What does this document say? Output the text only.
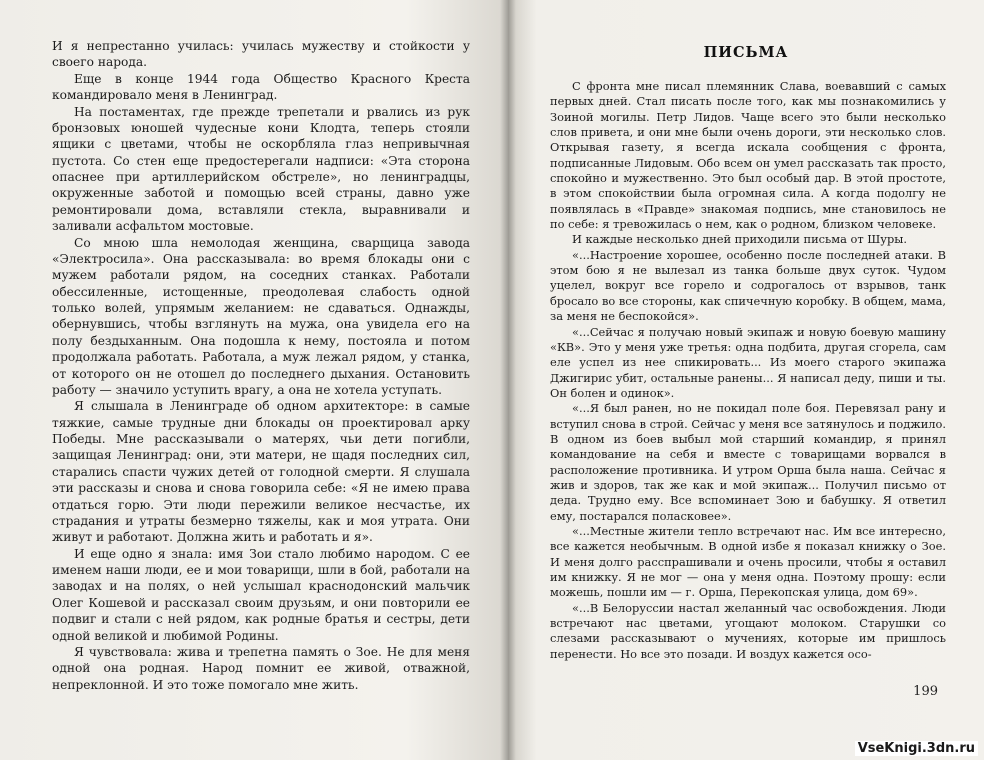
И я непрестанно училась: училась мужеству и стойкости у своего народа.

Еще в конце 1944 года Общество Красного Креста командировало меня в Ленинград.

На постаментах, где прежде трепетали и рвались из рук бронзовых юношей чудесные кони Клодта, теперь стояли ящики с цветами, чтобы не оскорбляла глаз непривычная пустота. Со стен еще предостерегали надписи: «Эта сторона опаснее при артиллерийском обстреле», но ленинградцы, окруженные заботой и помощью всей страны, давно уже ремонтировали дома, вставляли стекла, выравнивали и заливали асфальтом мостовые.

Со мною шла немолодая женщина, сварщица завода «Электросила». Она рассказывала: во время блокады они с мужем работали рядом, на соседних станках. Работали обессиленные, истощенные, преодолевая слабость одной только волей, упрямым желанием: не сдаваться. Однажды, обернувшись, чтобы взглянуть на мужа, она увидела его на полу бездыханным. Она подошла к нему, постояла и потом продолжала работать. Работала, а муж лежал рядом, у станка, от которого он не отошел до последнего дыхания. Остановить работу — значило уступить врагу, а она не хотела уступать.

Я слышала в Ленинграде об одном архитекторе: в самые тяжкие, самые трудные дни блокады он проектировал арку Победы. Мне рассказывали о матерях, чьи дети погибли, защищая Ленинград: они, эти матери, не щадя последних сил, старались спасти чужих детей от голодной смерти. Я слушала эти рассказы и снова и снова говорила себе: «Я не имею права отдаться горю. Эти люди пережили великое несчастье, их страдания и утраты безмерно тяжелы, как и моя утрата. Они живут и работают. Должна жить и работать и я».

И еще одно я знала: имя Зои стало любимо народом. С ее именем наши люди, ее и мои товарищи, шли в бой, работали на заводах и на полях, о ней услышал краснодонский мальчик Олег Кошевой и рассказал своим друзьям, и они повторили ее подвиг и стали с ней рядом, как родные братья и сестры, дети одной великой и любимой Родины.

Я чувствовала: жива и трепетна память о Зое. Не для меня одной она родная. Народ помнит ее живой, отважной, непреклонной. И это тоже помогало мне жить.

ПИСЬМА

С фронта мне писал племянник Слава, воевавший с самых первых дней. Стал писать после того, как мы познакомились у Зоиной могилы. Петр Лидов. Чаще всего это были несколько слов привета, и они мне были очень дороги, эти несколько слов. Открывая газету, я всегда искала сообщения с фронта, подписанные Лидовым. Обо всем он умел рассказать так просто, спокойно и мужественно. Это был особый дар. В этой простоте, в этом спокойствии была огромная сила. А когда подолгу не появлялась в «Правде» знакомая подпись, мне становилось не по себе: я тревожилась о нем, как о родном, близком человеке.

И каждые несколько дней приходили письма от Шуры.

«...Настроение хорошее, особенно после последней атаки. В этом бою я не вылезал из танка больше двух суток. Чудом уцелел, вокруг все горело и содрогалось от взрывов, танк бросало во все стороны, как спичечную коробку. В общем, мама, за меня не беспокойся».

«...Сейчас я получаю новый экипаж и новую боевую машину «КВ». Это у меня уже третья: одна подбита, другая сгорела, сам еле успел из нее спикировать... Из моего старого экипажа Джигирис убит, остальные ранены... Я написал деду, пиши и ты. Он болен и одинок».

«...Я был ранен, но не покидал поле боя. Перевязал рану и вступил снова в строй. Сейчас у меня все затянулось и поджило. В одном из боев выбыл мой старший командир, я принял командование на себя и вместе с товарищами ворвался в расположение противника. И утром Орша была наша. Сейчас я жив и здоров, так же как и мой экипаж... Получил письмо от деда. Трудно ему. Все вспоминает Зою и бабушку. Я ответил ему, постарался поласковее».

«...Местные жители тепло встречают нас. Им все интересно, все кажется необычным. В одной избе я показал книжку о Зое. И меня долго расспрашивали и очень просили, чтобы я оставил им книжку. Я не мог — она у меня одна. Поэтому прошу: если можешь, пошли им — г. Орша, Перекопская улица, дом 69».

«...В Белоруссии настал желанный час освобождения. Люди встречают нас цветами, угощают молоком. Старушки со слезами рассказывают о мучениях, которые им пришлось перенести. Но все это позади. И воздух кажется осо-

199
VseKnigi.3dn.ru
